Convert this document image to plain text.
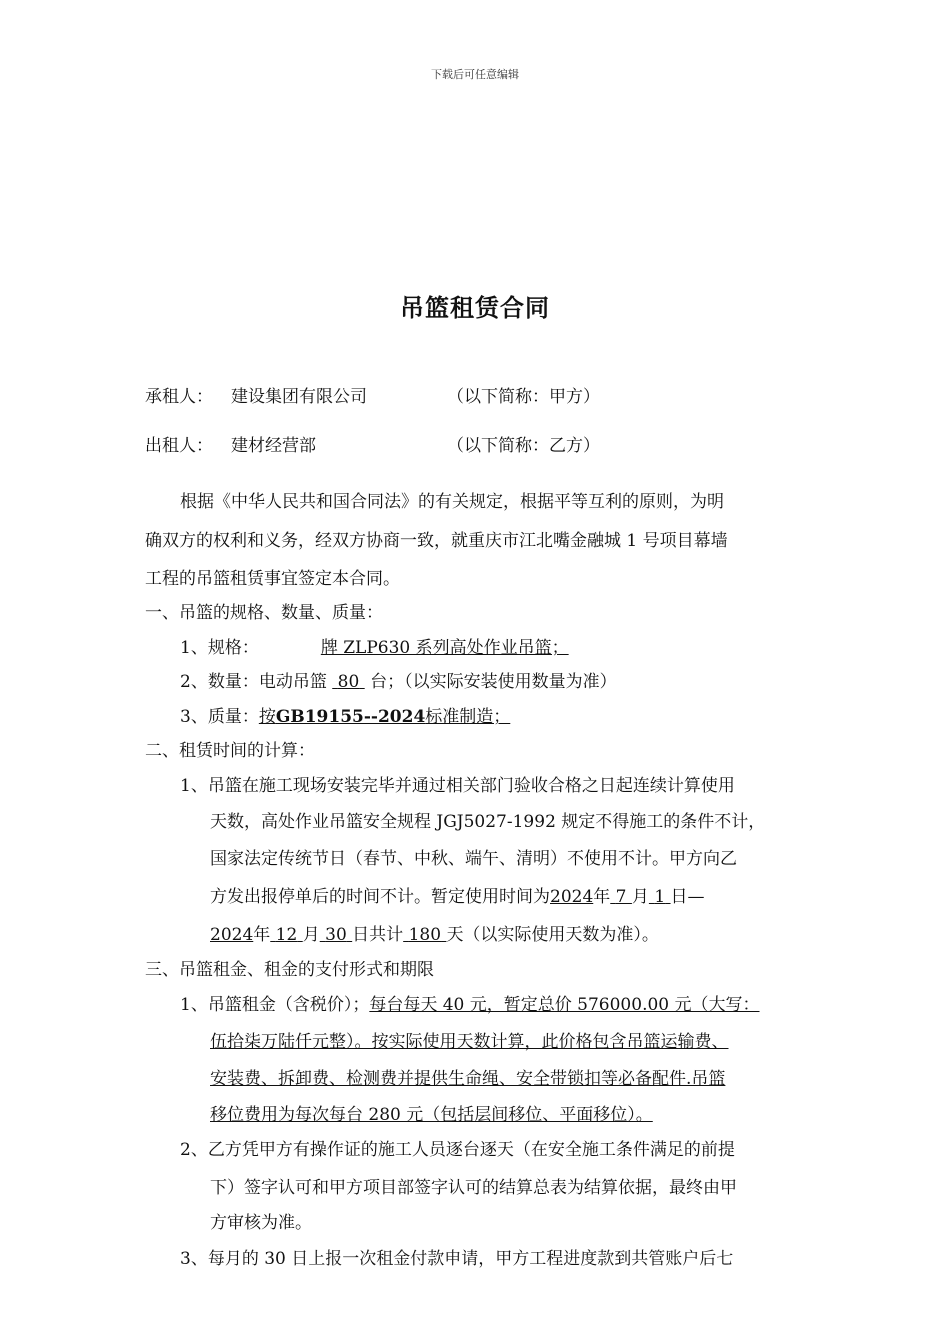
下载后可任意编辑
吊篮租赁合同
承租人： 建设集团有限公司	（以下简称：甲方）
出租人： 建材经营部	（以下简称：乙方）
根据《中华人民共和国合同法》的有关规定，根据平等互利的原则，为明
确双方的权利和义务，经双方协商一致，就重庆市江北嘴金融城 1 号项目幕墙
工程的吊篮租赁事宜签定本合同。
一、吊篮的规格、数量、质量：
1、规格：	牌 ZLP630 系列高处作业吊篮；
2、数量：电动吊篮 80 台；（以实际安装使用数量为准）
3、质量：按GB19155--2024标准制造；
二、租赁时间的计算：
1、吊篮在施工现场安装完毕并通过相关部门验收合格之日起连续计算使用
天数，高处作业吊篮安全规程 JGJ5027-1992 规定不得施工的条件不计，
国家法定传统节日（春节、中秋、端午、清明）不使用不计。甲方向乙
方发出报停单后的时间不计。暂定使用时间为2024年 7 月 1 日—
2024年 12 月 30 日共计 180 天（以实际使用天数为准）。
三、吊篮租金、租金的支付形式和期限
1、吊篮租金（含税价）；每台每天 40 元，暂定总价 576000.00 元（大写：
伍拾柒万陆仟元整）。按实际使用天数计算，此价格包含吊篮运输费、
安装费、拆卸费、检测费并提供生命绳、安全带锁扣等必备配件.吊篮
移位费用为每次每台 280 元（包括层间移位、平面移位）。
2、乙方凭甲方有操作证的施工人员逐台逐天（在安全施工条件满足的前提
下）签字认可和甲方项目部签字认可的结算总表为结算依据，最终由甲
方审核为准。
3、每月的 30 日上报一次租金付款申请，甲方工程进度款到共管账户后七
